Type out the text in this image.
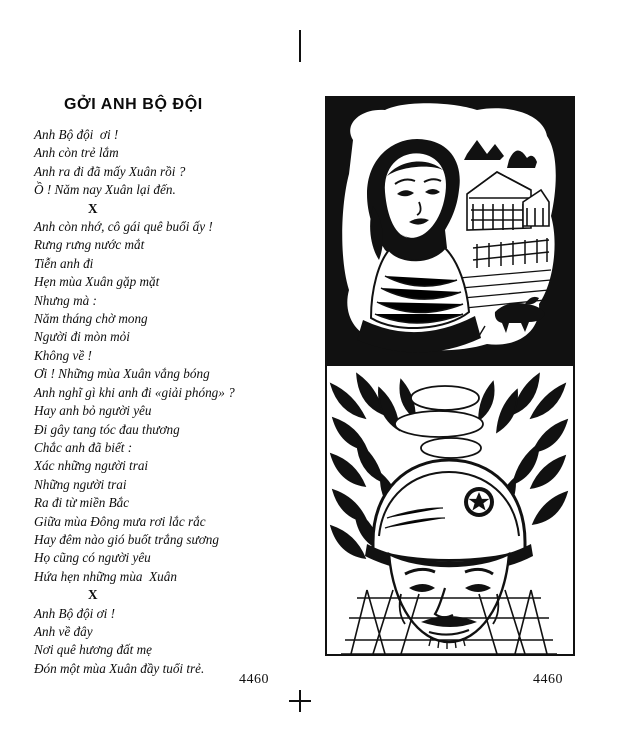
GỞI ANH BỘ ĐỘI
Anh Bộ đội  ơi !
Anh còn trẻ lắm
Anh ra đi đã mấy Xuân rồi ?
Ồ ! Năm nay Xuân lại đến.
X
Anh còn nhớ, cô gái quê buổi ấy !
Rưng rưng nước mắt
Tiễn anh đi
Hẹn mùa Xuân gặp mặt
Nhưng mà :
Năm tháng chờ mong
Người đi mòn mỏi
Không về !
Ơi ! Những mùa Xuân vắng bóng
Anh nghĩ gì khi anh đi «giải phóng» ?
Hay anh bỏ người yêu
Đi gây tang tóc đau thương
Chắc anh đã biết :
Xác những người trai
Những người trai
Ra đi từ miền Bắc
Giữa mùa Đông mưa rơi lắc rắc
Hay đêm nào gió buốt trắng sương
Họ cũng có người yêu
Hứa hẹn những mùa  Xuân
X
Anh Bộ đội ơi !
Anh về đây
Nơi quê hương đất mẹ
Đón một mùa Xuân đầy tuổi trẻ.
4460	4460
